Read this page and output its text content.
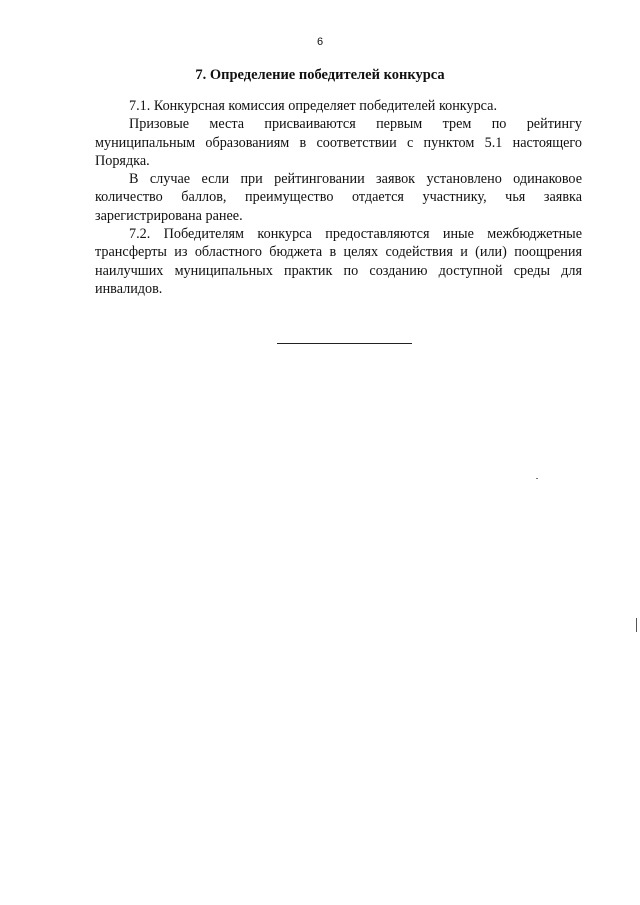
6
7. Определение победителей конкурса

7.1. Конкурсная комиссия определяет победителей конкурса.

Призовые места присваиваются первым трем по рейтингу муниципальным образованиям в соответствии с пунктом 5.1 настоящего Порядка.

В случае если при рейтинговании заявок установлено одинаковое количество баллов, преимущество отдается участнику, чья заявка зарегистрирована ранее.

7.2. Победителям конкурса предоставляются иные межбюджетные трансферты из областного бюджета в целях содействия и (или) поощрения наилучших муниципальных практик по созданию доступной среды для инвалидов.
